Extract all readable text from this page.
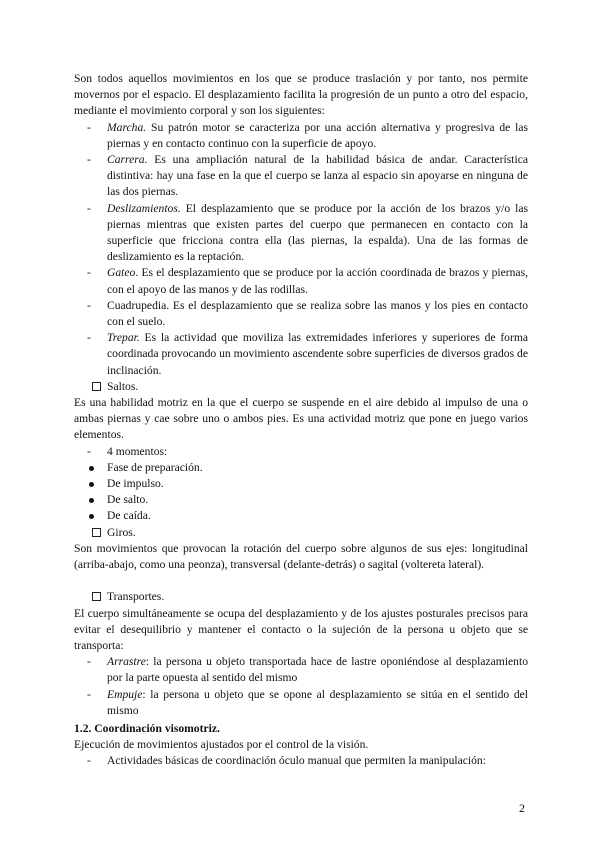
Son todos aquellos movimientos en los que se produce traslación y por tanto, nos permite movernos por el espacio. El desplazamiento facilita la progresión de un punto a otro del espacio, mediante el movimiento corporal y son los siguientes:

- Marcha. Su patrón motor se caracteriza por una acción alternativa y progresiva de las piernas y en contacto continuo con la superficie de apoyo.
- Carrera. Es una ampliación natural de la habilidad básica de andar. Característica distintiva: hay una fase en la que el cuerpo se lanza al espacio sin apoyarse en ninguna de las dos piernas.
- Deslizamientos. El desplazamiento que se produce por la acción de los brazos y/o las piernas mientras que existen partes del cuerpo que permanecen en contacto con la superficie que fricciona contra ella (las piernas, la espalda). Una de las formas de deslizamiento es la reptación.
- Gateo. Es el desplazamiento que se produce por la acción coordinada de brazos y piernas, con el apoyo de las manos y de las rodillas.
- Cuadrupedia. Es el desplazamiento que se realiza sobre las manos y los pies en contacto con el suelo.
- Trepar. Es la actividad que moviliza las extremidades inferiores y superiores de forma coordinada provocando un movimiento ascendente sobre superficies de diversos grados de inclinación.
Saltos.

Es una habilidad motriz en la que el cuerpo se suspende en el aire debido al impulso de una o ambas piernas y cae sobre uno o ambos pies. Es una actividad motriz que pone en juego varios elementos.

- 4 momentos:
Fase de preparación.
De impulso.
De salto.
De caída.
Giros.

Son movimientos que provocan la rotación del cuerpo sobre algunos de sus ejes: longitudinal (arriba-abajo, como una peonza), transversal (delante-detrás) o sagital (voltereta lateral).

Transportes.

El cuerpo simultáneamente se ocupa del desplazamiento y de los ajustes posturales precisos para evitar el desequilibrio y mantener el contacto o la sujeción de la persona u objeto que se transporta:

- Arrastre: la persona u objeto transportada hace de lastre oponiéndose al desplazamiento por la parte opuesta al sentido del mismo
- Empuje: la persona u objeto que se opone al desplazamiento se sitúa en el sentido del mismo

1.2. Coordinación visomotriz.

Ejecución de movimientos ajustados por el control de la visión.

- Actividades básicas de coordinación óculo manual que permiten la manipulación:
2
